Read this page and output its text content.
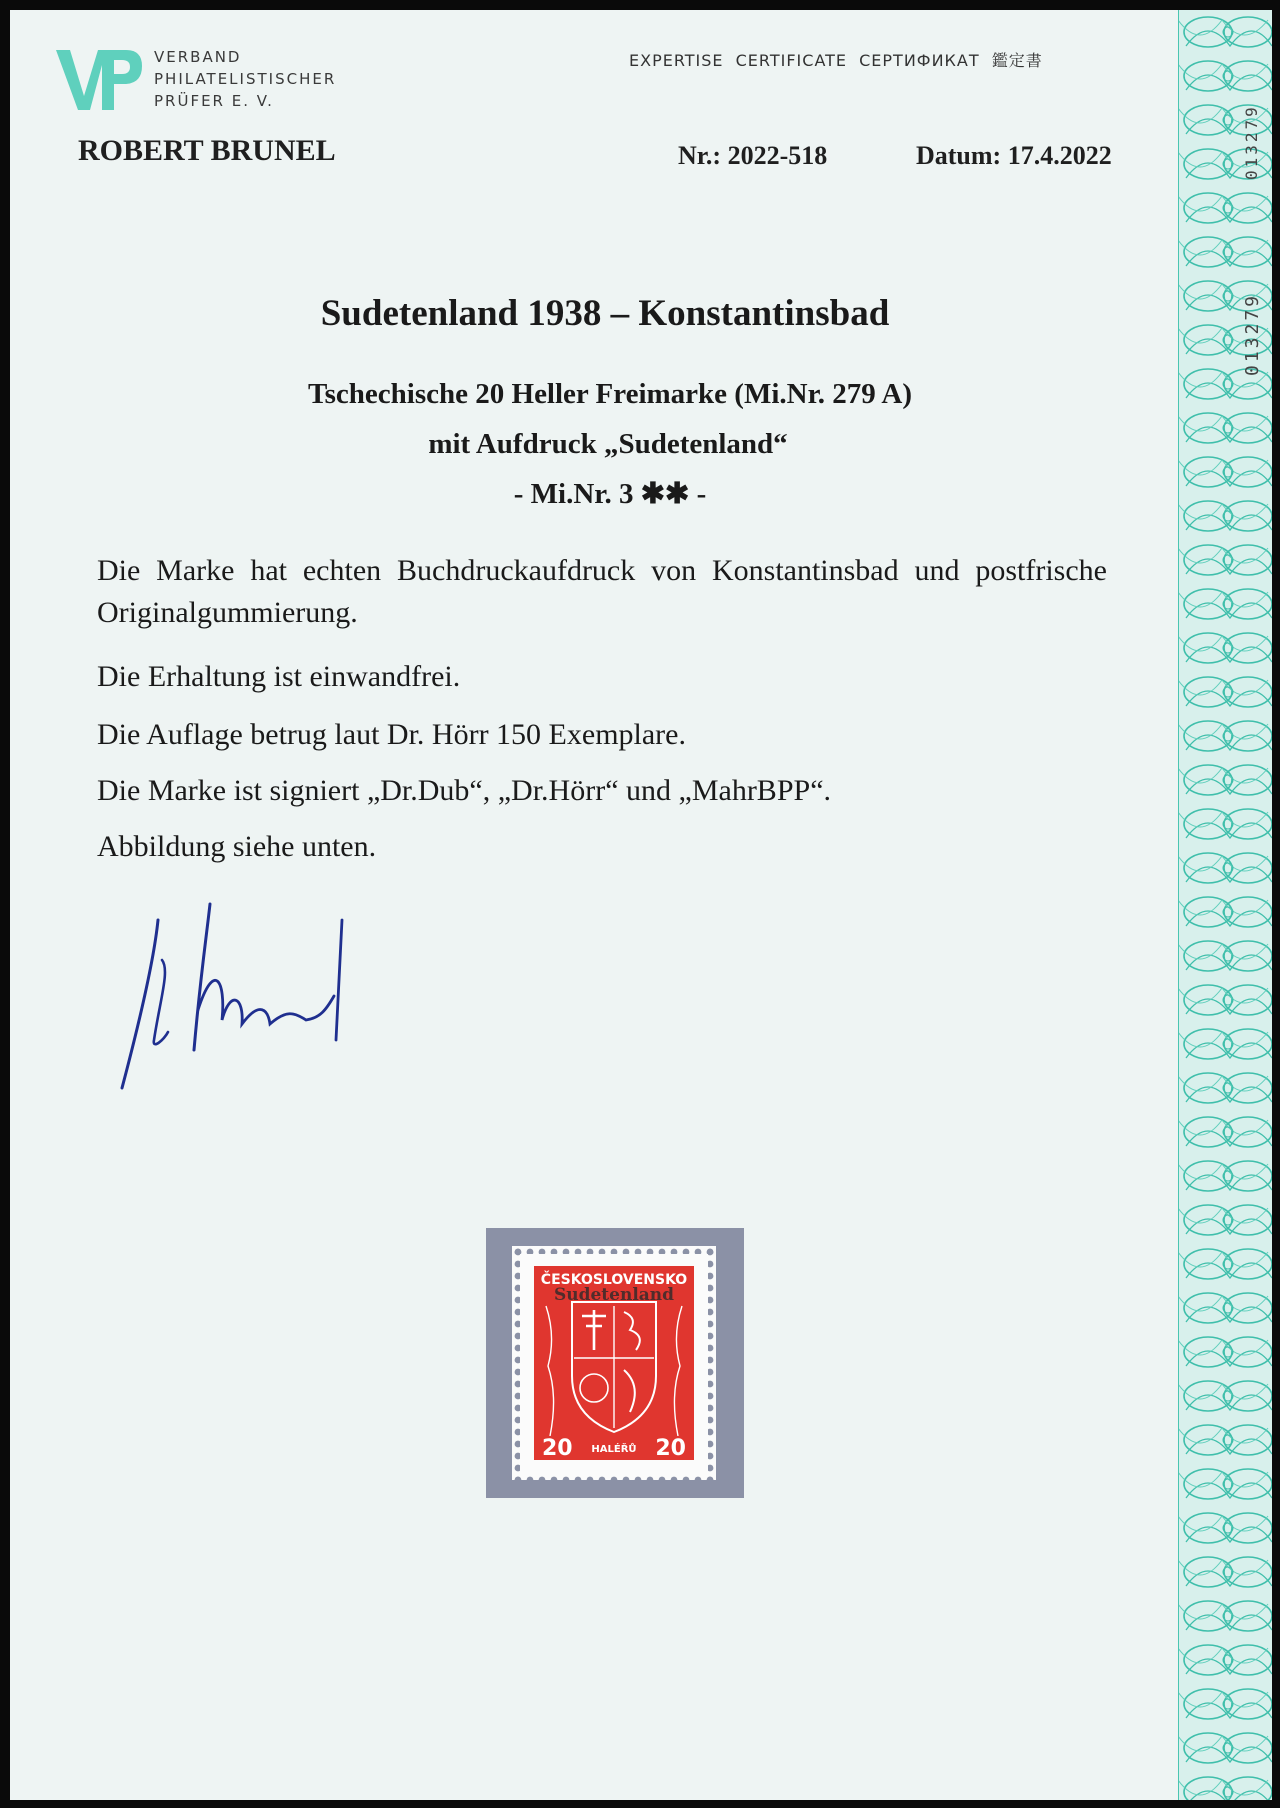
VERBAND
PHILATELISTISCHER
PRÜFER E. V.
EXPERTISE CERTIFICATE СЕРТИФИКАТ 鑑定書
ROBERT BRUNEL	Nr.: 2022-518	Datum: 17.4.2022	013279
013279
Sudetenland 1938 – Konstantinsbad
Tschechische 20 Heller Freimarke (Mi.Nr. 279 A)
mit Aufdruck „Sudetenland“
- Mi.Nr. 3 ✱✱ -
Die Marke hat echten Buchdruckaufdruck von Konstantinsbad und postfrische Originalgummierung.
Die Erhaltung ist einwandfrei.
Die Auflage betrug laut Dr. Hörr 150 Exemplare.
Die Marke ist signiert „Dr.Dub“, „Dr.Hörr“ und „MahrBPP“.
Abbildung siehe unten.
ČESKOSLOVENSKO
Sudetenland
20 HALÉŘŮ 20
